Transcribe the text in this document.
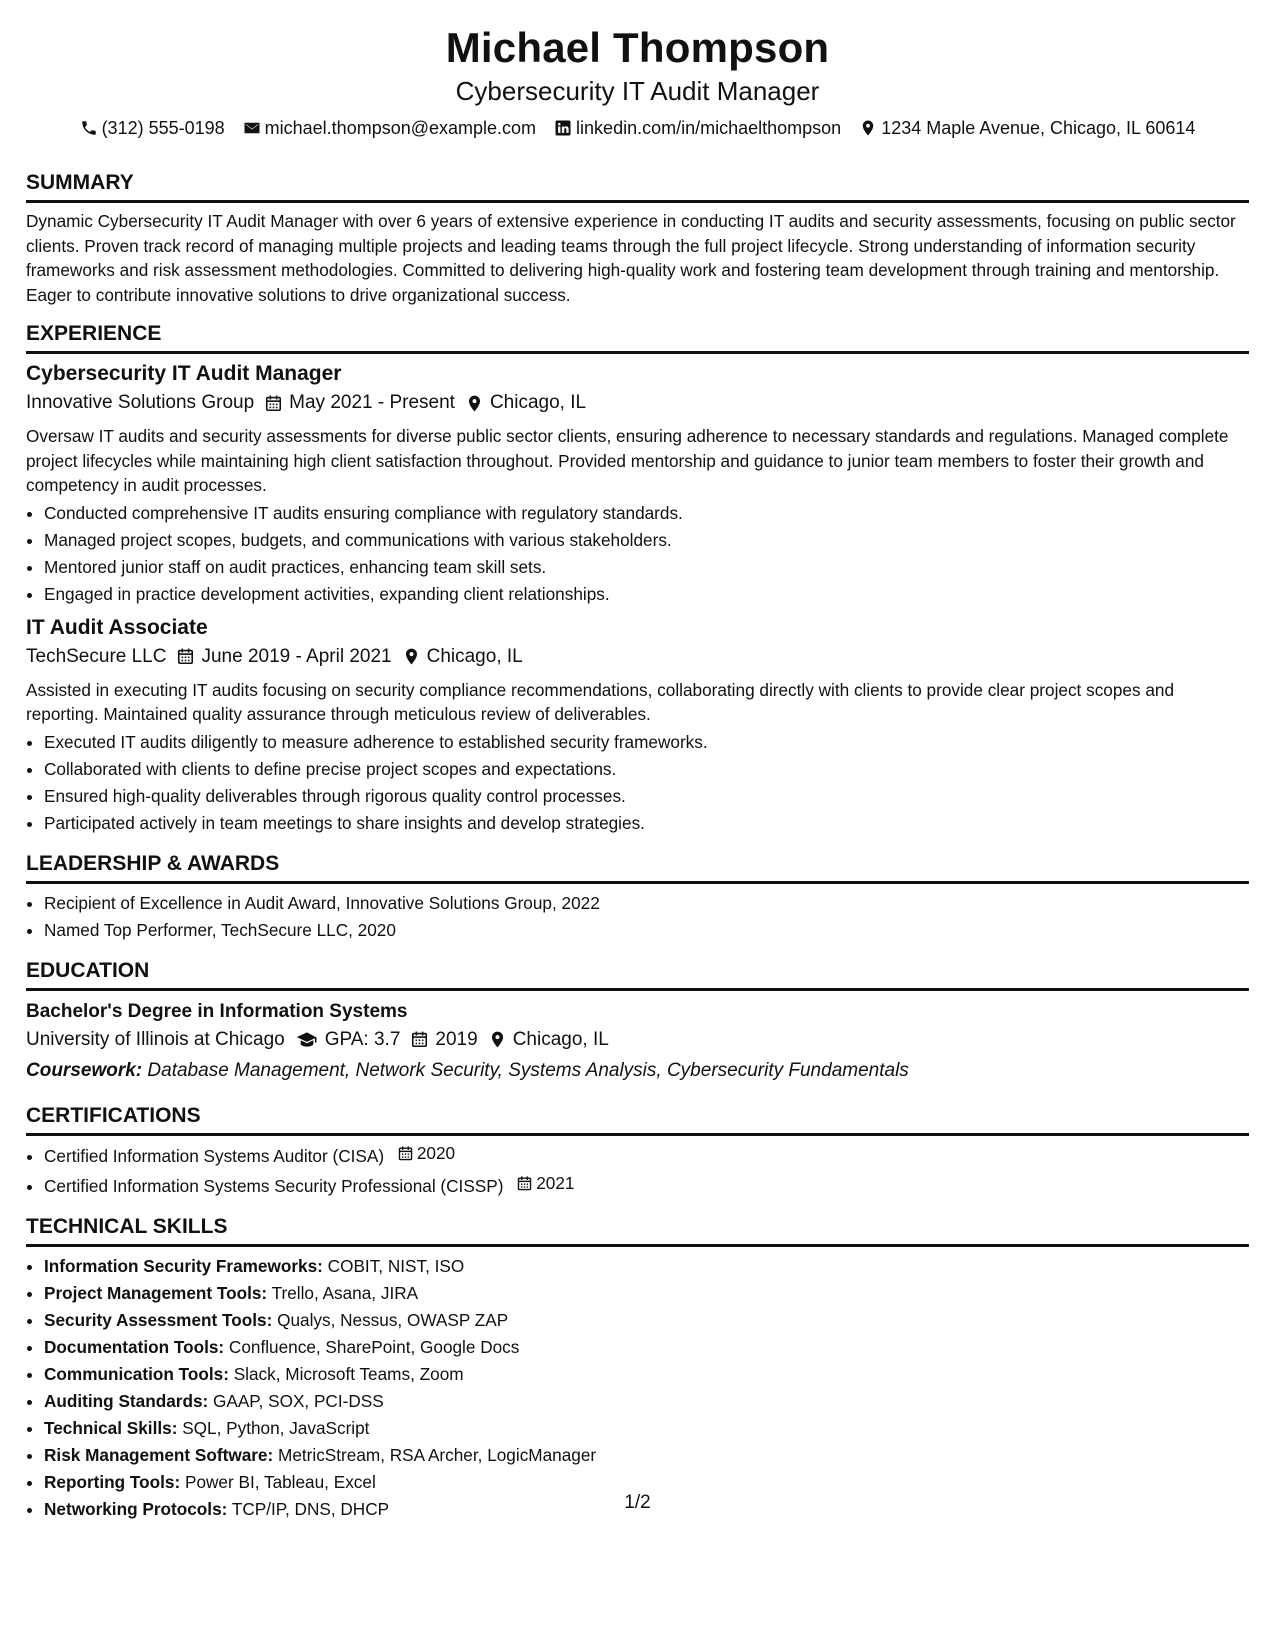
Michael Thompson
Cybersecurity IT Audit Manager
(312) 555-0198 michael.thompson@example.com linkedin.com/in/michaelthompson 1234 Maple Avenue, Chicago, IL 60614
SUMMARY
Dynamic Cybersecurity IT Audit Manager with over 6 years of extensive experience in conducting IT audits and security assessments, focusing on public sector clients. Proven track record of managing multiple projects and leading teams through the full project lifecycle. Strong understanding of information security frameworks and risk assessment methodologies. Committed to delivering high-quality work and fostering team development through training and mentorship. Eager to contribute innovative solutions to drive organizational success.
EXPERIENCE
Cybersecurity IT Audit Manager
Innovative Solutions Group May 2021 - Present Chicago, IL
Oversaw IT audits and security assessments for diverse public sector clients, ensuring adherence to necessary standards and regulations. Managed complete project lifecycles while maintaining high client satisfaction throughout. Provided mentorship and guidance to junior team members to foster their growth and competency in audit processes.
• Conducted comprehensive IT audits ensuring compliance with regulatory standards.
• Managed project scopes, budgets, and communications with various stakeholders.
• Mentored junior staff on audit practices, enhancing team skill sets.
• Engaged in practice development activities, expanding client relationships.
IT Audit Associate
TechSecure LLC June 2019 - April 2021 Chicago, IL
Assisted in executing IT audits focusing on security compliance recommendations, collaborating directly with clients to provide clear project scopes and reporting. Maintained quality assurance through meticulous review of deliverables.
• Executed IT audits diligently to measure adherence to established security frameworks.
• Collaborated with clients to define precise project scopes and expectations.
• Ensured high-quality deliverables through rigorous quality control processes.
• Participated actively in team meetings to share insights and develop strategies.
LEADERSHIP & AWARDS
• Recipient of Excellence in Audit Award, Innovative Solutions Group, 2022
• Named Top Performer, TechSecure LLC, 2020
EDUCATION
Bachelor's Degree in Information Systems
University of Illinois at Chicago GPA: 3.7 2019 Chicago, IL
Coursework: Database Management, Network Security, Systems Analysis, Cybersecurity Fundamentals
CERTIFICATIONS
• Certified Information Systems Auditor (CISA) 2020
• Certified Information Systems Security Professional (CISSP) 2021
TECHNICAL SKILLS
• Information Security Frameworks: COBIT, NIST, ISO
• Project Management Tools: Trello, Asana, JIRA
• Security Assessment Tools: Qualys, Nessus, OWASP ZAP
• Documentation Tools: Confluence, SharePoint, Google Docs
• Communication Tools: Slack, Microsoft Teams, Zoom
• Auditing Standards: GAAP, SOX, PCI-DSS
• Technical Skills: SQL, Python, JavaScript
• Risk Management Software: MetricStream, RSA Archer, LogicManager
• Reporting Tools: Power BI, Tableau, Excel
• Networking Protocols: TCP/IP, DNS, DHCP	1/2
